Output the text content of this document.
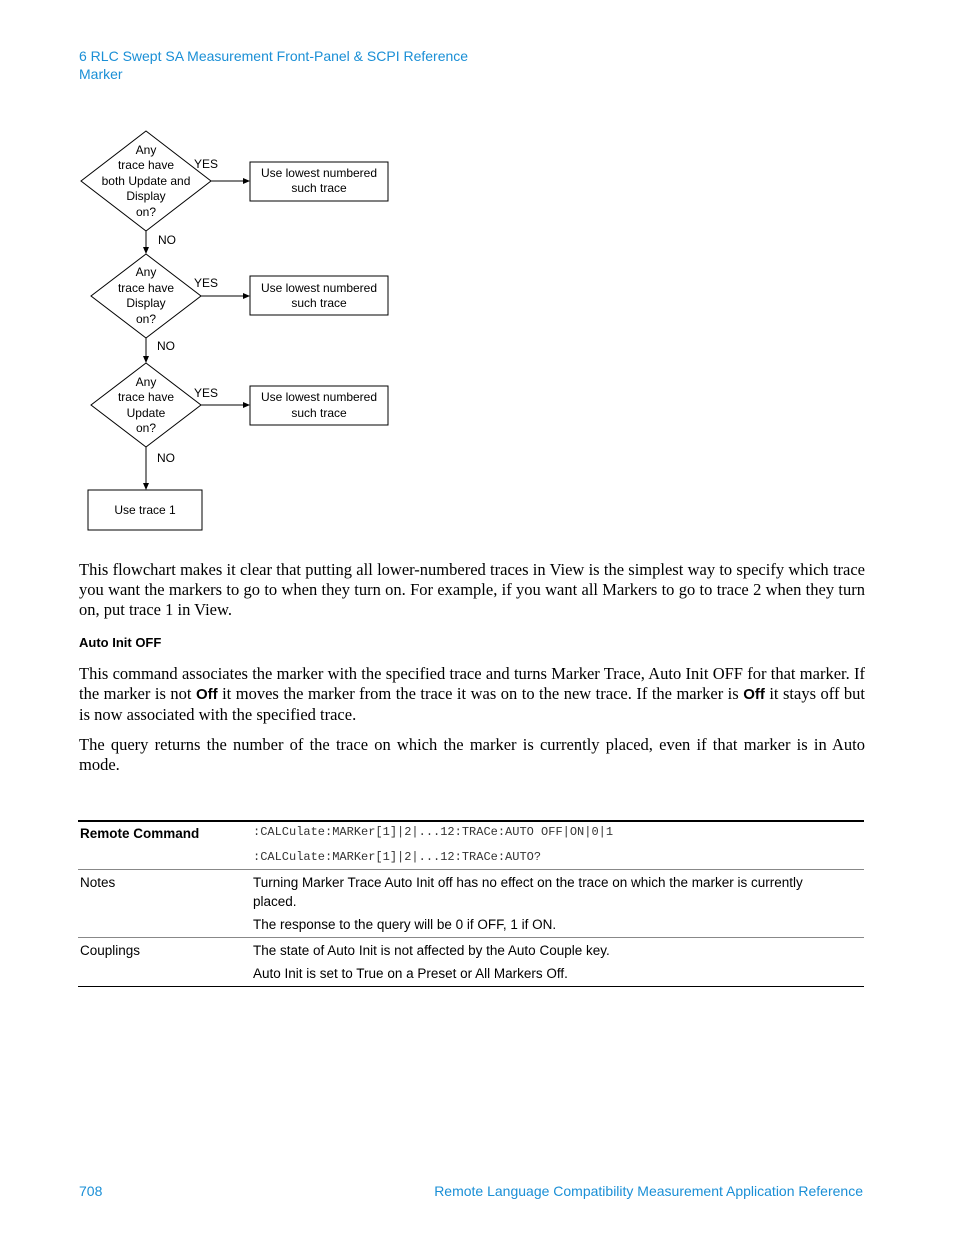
6 RLC Swept SA Measurement Front-Panel & SCPI Reference
Marker
Any
trace have
both Update and
Display
on?
YES
NO
Use lowest numbered
such trace
Any
trace have
Display
on?
YES
NO
Use lowest numbered
such trace
Any
trace have
Update
on?
YES
NO
Use lowest numbered
such trace
Use trace 1
This flowchart makes it clear that putting all lower-numbered traces in View is the simplest way to specify which trace you want the markers to go to when they turn on. For example, if you want all Markers to go to trace 2 when they turn on, put trace 1 in View.
Auto Init OFF
This command associates the marker with the specified trace and turns Marker Trace, Auto Init OFF for that marker. If the marker is not Off it moves the marker from the trace it was on to the new trace. If the marker is Off it stays off but is now associated with the specified trace.
The query returns the number of the trace on which the marker is currently placed, even if that marker is in Auto mode.
Remote Command	:CALCulate:MARKer[1]|2|...12:TRACe:AUTO OFF|ON|0|1
:CALCulate:MARKer[1]|2|...12:TRACe:AUTO?
Notes	Turning Marker Trace Auto Init off has no effect on the trace on which the marker is currently placed.
The response to the query will be 0 if OFF, 1 if ON.
Couplings	The state of Auto Init is not affected by the Auto Couple key.
Auto Init is set to True on a Preset or All Markers Off.
708	Remote Language Compatibility Measurement Application Reference
